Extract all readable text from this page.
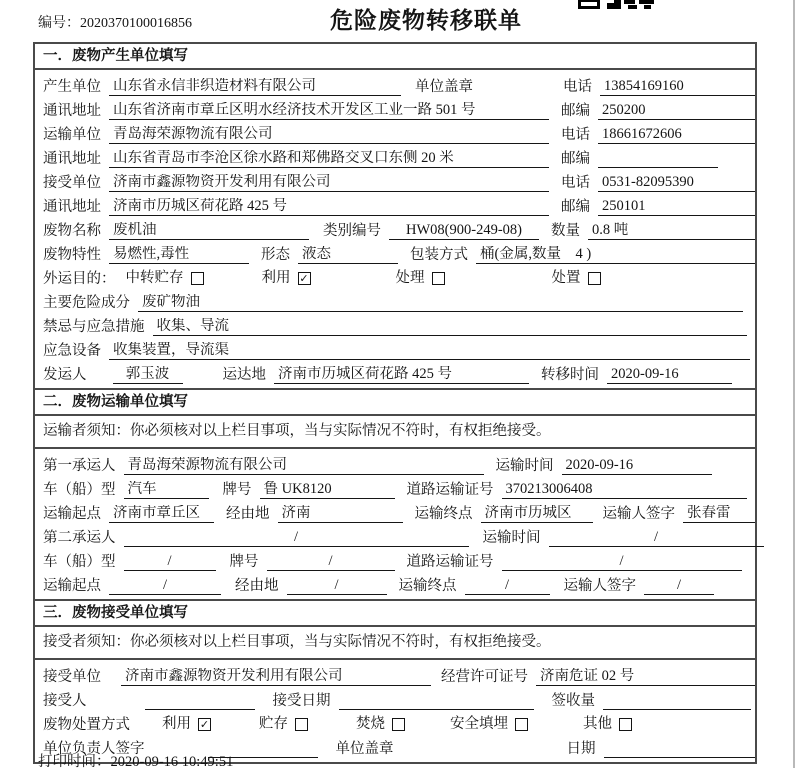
编号：2020370100016856	危险废物转移联单
一．废物产生单位填写
产生单位 山东省永信非织造材料有限公司	单位盖章	电话 13854169160
通讯地址 山东省济南市章丘区明水经济技术开发区工业一路 501 号	邮编 250200
运输单位 青岛海荣源物流有限公司	电话 18661672606
通讯地址 山东省青岛市李沧区徐水路和郑佛路交叉口东侧 20 米	邮编
接受单位 济南市鑫源物资开发利用有限公司	电话 0531-82095390
通讯地址 济南市历城区荷花路 425 号	邮编 250101
废物名称 废机油	类别编号	HW08(900-249-08)	数量 0.8 吨
废物特性 易燃性,毒性	形态 液态	包装方式 桶(金属,数量　4 )
外运目的： 中转贮存	利用 ✓	处理	处置
主要危险成分 废矿物油
禁忌与应急措施 收集、导流
应急设备 收集装置，导流渠
发运人	郭玉波	运达地 济南市历城区荷花路 425 号	转移时间 2020-09-16
二．废物运输单位填写
运输者须知：你必须核对以上栏目事项，当与实际情况不符时，有权拒绝接受。
第一承运人 青岛海荣源物流有限公司	运输时间 2020-09-16
车（船）型 汽车	牌号 鲁 UK8120	道路运输证号 370213006408
运输起点 济南市章丘区	经由地 济南	运输终点 济南市历城区	运输人签字 张春雷
第二承运人	/	运输时间	/
车（船）型	/	牌号	/	道路运输证号	/
运输起点	/	经由地	/	运输终点	/	运输人签字	/
三．废物接受单位填写
接受者须知：你必须核对以上栏目事项，当与实际情况不符时，有权拒绝接受。
接受单位 济南市鑫源物资开发利用有限公司	经营许可证号 济南危证 02 号
接受人	接受日期	签收量
废物处置方式 利用 ✓	贮存	焚烧	安全填埋	其他
单位负责人签字	单位盖章	日期
打印时间：2020-09-16 10:49:51
